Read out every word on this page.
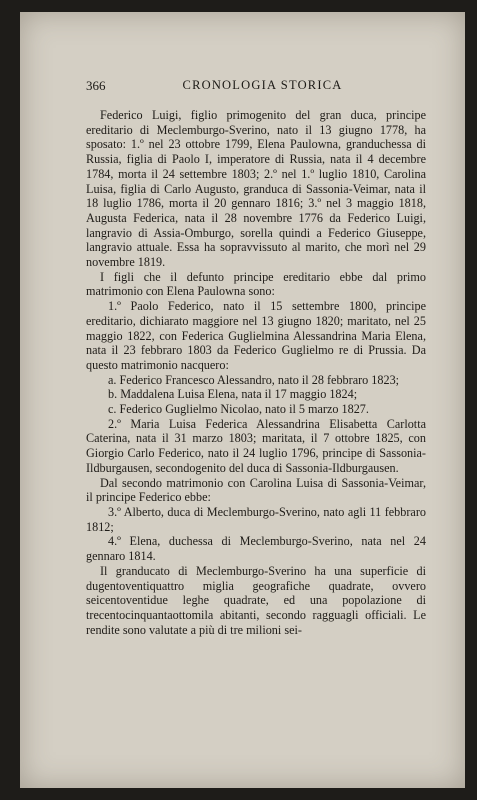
366	CRONOLOGIA STORICA

Federico Luigi, figlio primogenito del gran duca, principe ereditario di Meclemburgo-Sverino, nato il 13 giugno 1778, ha sposato: 1.º nel 23 ottobre 1799, Elena Paulowna, granduchessa di Russia, figlia di Paolo I, imperatore di Russia, nata il 4 decembre 1784, morta il 24 settembre 1803; 2.º nel 1.º luglio 1810, Carolina Luisa, figlia di Carlo Augusto, granduca di Sassonia-Veimar, nata il 18 luglio 1786, morta il 20 gennaro 1816; 3.º nel 3 maggio 1818, Augusta Federica, nata il 28 novembre 1776 da Federico Luigi, langravio di Assia-Omburgo, sorella quindi a Federico Giuseppe, langravio attuale. Essa ha sopravvissuto al marito, che morì nel 29 novembre 1819.

I figli che il defunto principe ereditario ebbe dal primo matrimonio con Elena Paulowna sono:

1.º Paolo Federico, nato il 15 settembre 1800, principe ereditario, dichiarato maggiore nel 13 giugno 1820; maritato, nel 25 maggio 1822, con Federica Guglielmina Alessandrina Maria Elena, nata il 23 febbraro 1803 da Federico Guglielmo re di Prussia. Da questo matrimonio nacquero:

a. Federico Francesco Alessandro, nato il 28 febbraro 1823;

b. Maddalena Luisa Elena, nata il 17 maggio 1824;

c. Federico Guglielmo Nicolao, nato il 5 marzo 1827.

2.º Maria Luisa Federica Alessandrina Elisabetta Carlotta Caterina, nata il 31 marzo 1803; maritata, il 7 ottobre 1825, con Giorgio Carlo Federico, nato il 24 luglio 1796, principe di Sassonia-Ildburgausen, secondogenito del duca di Sassonia-Ildburgausen.

Dal secondo matrimonio con Carolina Luisa di Sassonia-Veimar, il principe Federico ebbe:

3.º Alberto, duca di Meclemburgo-Sverino, nato agli 11 febbraro 1812;

4.º Elena, duchessa di Meclemburgo-Sverino, nata nel 24 gennaro 1814.

Il granducato di Meclemburgo-Sverino ha una superficie di dugentoventiquattro miglia geografiche quadrate, ovvero seicentoventidue leghe quadrate, ed una popolazione di trecentocinquantaottomila abitanti, secondo ragguagli officiali. Le rendite sono valutate a più di tre milioni sei-
